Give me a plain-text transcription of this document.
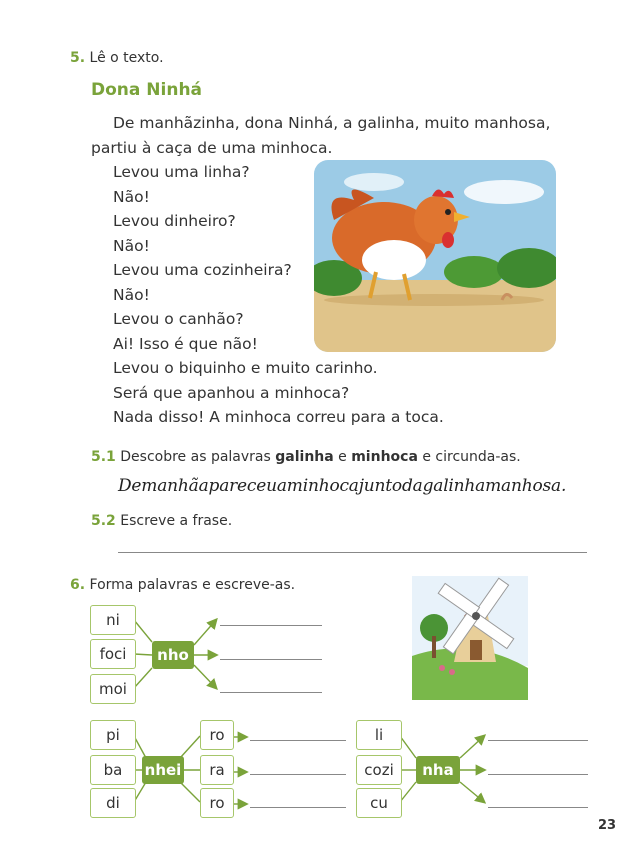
5. Lê o texto.
Dona Ninhá
De manhãzinha, dona Ninhá, a galinha, muito manhosa,
partiu à caça de uma minhoca.
Levou uma linha?
Não!
Levou dinheiro?
Não!
Levou uma cozinheira?
Não!
Levou o canhão?
Ai! Isso é que não!
Levou o biquinho e muito carinho.
Será que apanhou a minhoca?
Nada disso! A minhoca correu para a toca.
5.1 Descobre as palavras galinha e minhoca e circunda-as.
Demanhãapareceuaminhocajuntodagalinhamanhosa.
5.2 Escreve a frase.
6. Forma palavras e escreve-as.
ni
foci
moi
nho
pi
ba
di
nhei
ro
ra
ro
li
cozi
cu
nha
23
